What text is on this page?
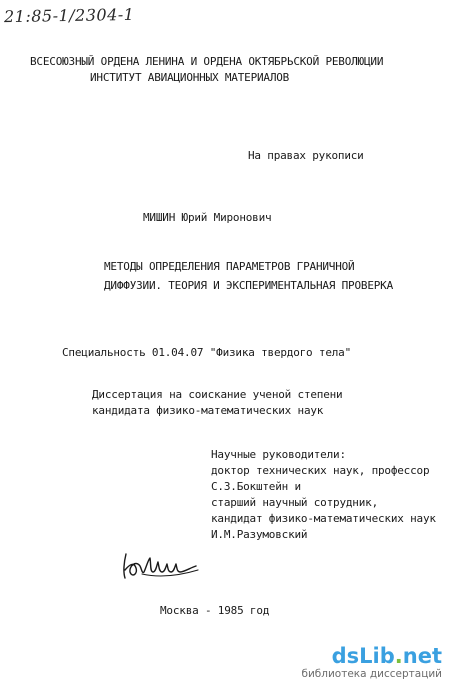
21:85-1/2304-1
ВСЕСОЮЗНЫЙ ОРДЕНА ЛЕНИНА И ОРДЕНА ОКТЯБРЬСКОЙ РЕВОЛЮЦИИ
ИНСТИТУТ АВИАЦИОННЫХ МАТЕРИАЛОВ
На правах рукописи
МИШИН Юрий Миронович
МЕТОДЫ ОПРЕДЕЛЕНИЯ ПАРАМЕТРОВ ГРАНИЧНОЙ
ДИФФУЗИИ. ТЕОРИЯ И ЭКСПЕРИМЕНТАЛЬНАЯ ПРОВЕРКА
Специальность 01.04.07 "Физика твердого тела"
Диссертация на соискание ученой степени
кандидата физико-математических наук
Научные руководители:
доктор технических наук, профессор
С.З.Бокштейн и
старший научный сотрудник,
кандидат физико-математических наук
И.М.Разумовский
Москва - 1985 год
dsLib.net
библиотека диссертаций
